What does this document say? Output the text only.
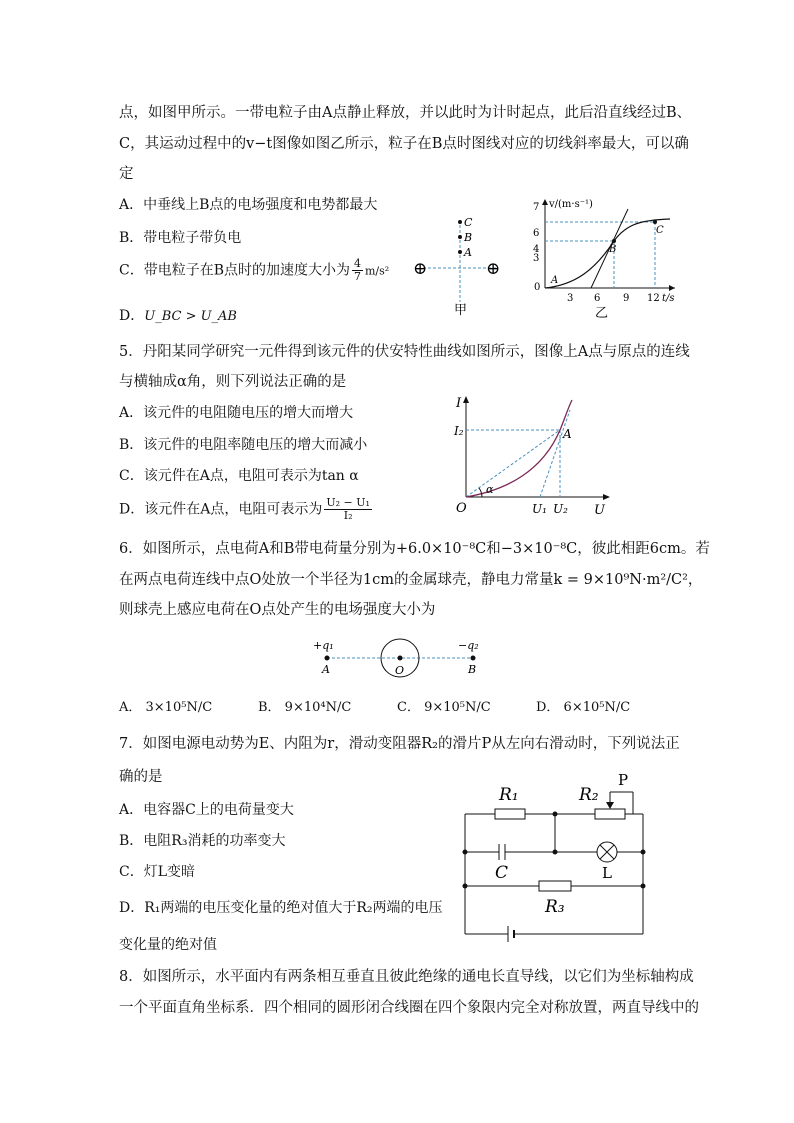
点，如图甲所示。一带电粒子由A点静止释放，并以此时为计时起点，此后沿直线经过B、
C，其运动过程中的v−t图像如图乙所示，粒子在B点时图线对应的切线斜率最大，可以确
定
A．中垂线上B点的电场强度和电势都最大
B．带电粒子带负电
C．带电粒子在B点时的加速度大小为 $\frac{4}{7} m/s^2$
D．U_BC > U_AB
C
B
A
⊕	⊕
甲
v/(m·s⁻¹)
7
6
4
3
0
3 6 9 12 t/s
A
B
C
乙
5．丹阳某同学研究一元件得到该元件的伏安特性曲线如图所示，图像上A点与原点的连线
与横轴成α角，则下列说法正确的是
A．该元件的电阻随电压的增大而增大
B．该元件的电阻率随电压的增大而减小
C．该元件在A点，电阻可表示为tan α
D．该元件在A点，电阻可表示为 $\frac{\text{U₂ − U₁}}{\text{I₂}}$
I
I₂
α
A
O	U₁ U₂ U
6．如图所示，点电荷A和B带电荷量分别为+6.0×10⁻⁸C和−3×10⁻⁸C，彼此相距6cm。若
在两点电荷连线中点O处放一个半径为1cm的金属球壳，静电力常量k = 9×10⁹N·m²/C²，
则球壳上感应电荷在O点处产生的电场强度大小为
+q₁	−q₂
A	O	B
A． 3×10⁵N/C	B． 9×10⁴N/C	C． 9×10⁵N/C	D． 6×10⁵N/C
7．如图电源电动势为E、内阻为r，滑动变阻器R₂的滑片P从左向右滑动时，下列说法正
确的是
A．电容器C上的电荷量变大
B．电阻R₃消耗的功率变大
C．灯L变暗
D．R₁两端的电压变化量的绝对值大于R₂两端的电压
变化量的绝对值
R₁	R₂
P
C	L
R₃
8．如图所示，水平面内有两条相互垂直且彼此绝缘的通电长直导线，以它们为坐标轴构成
一个平面直角坐标系．四个相同的圆形闭合线圈在四个象限内完全对称放置，两直导线中的
